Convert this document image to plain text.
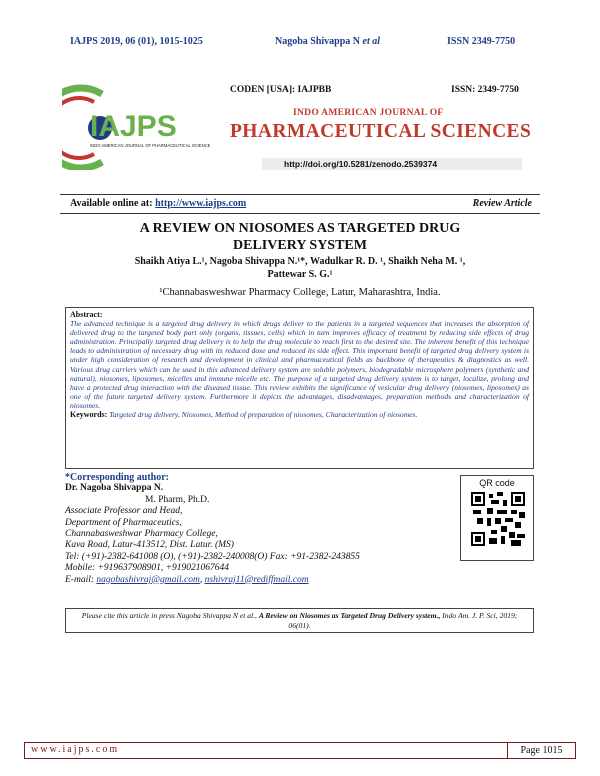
IAJPS 2019, 06 (01), 1015-1025	Nagoba Shivappa N et al	ISSN 2349-7750
IAJPS
INDO AMERICAN JOURNAL OF PHARMACEUTICAL SCIENCES
CODEN [USA]: IAJPBB	ISSN: 2349-7750
INDO AMERICAN JOURNAL OF
PHARMACEUTICAL SCIENCES
http://doi.org/10.5281/zenodo.2539374
Available online at: http://www.iajps.com	Review Article
A REVIEW ON NIOSOMES AS TARGETED DRUG
DELIVERY SYSTEM
Shaikh Atiya L.¹, Nagoba Shivappa N.¹*, Wadulkar R. D. ¹, Shaikh Neha M. ¹,
Pattewar S. G.¹
¹Channabasweshwar Pharmacy College, Latur, Maharashtra, India.
Abstract:
The advanced technique is a targeted drug delivery in which drugs deliver to the patients in a targeted sequences that increases the absorption of delivered drug to the targeted body part only (organs, tissues, cells) which in turn improves efficacy of treatment by reducing side effects of drug administration. Principally targeted drug delivery is to help the drug molecule to reach first to the desired site. The inherent benefit of this technique leads to administration of necessary drug with its reduced dose and reduced its side effect. This important benefit of targeted drug delivery system is under high consideration of research and development in clinical and pharmaceutical fields as backbone of therapeutics & diagnostics as well. Various drug carriers which can be used in this advanced delivery system are soluble polymers, biodegradable microsphere polymers (synthetic and natural), niosomes, liposomes, micelles and immune micelle etc. The purpose of a targeted drug delivery system is to target, localize, prolong and have a protected drug interaction with the diseased tissue. This review exhibits the significance of vesicular drug delivery (niosomes, liposomes) as one of the future targeted delivery system. Furthermore it depicts the advantages, disadvantages, preparation methods and characterization of niosomes.
Keywords: Targeted drug delivery, Niosomes, Method of preparation of niosomes, Characterization of niosomes.
*Corresponding author:
Dr. Nagoba Shivappa N.
M. Pharm, Ph.D.
Associate Professor and Head,
Department of Pharmaceutics,
Channabasweshwar Pharmacy College,
Kava Road, Latur-413512, Dist. Latur. (MS)
Tel: (+91)-2382-641008 (O), (+91)-2382-240008(O) Fax: +91-2382-243855
Mobile: +919637908901, +919021067644
E-mail: nagobashivraj@gmail.com, nshivraj11@rediffmail.com
QR code
Please cite this article in press Nagoba Shivappa N et al., A Review on Niosomes as Targeted Drug Delivery system., Indo Am. J. P. Sci, 2019; 06(01).
www.iajps.com	Page 1015
